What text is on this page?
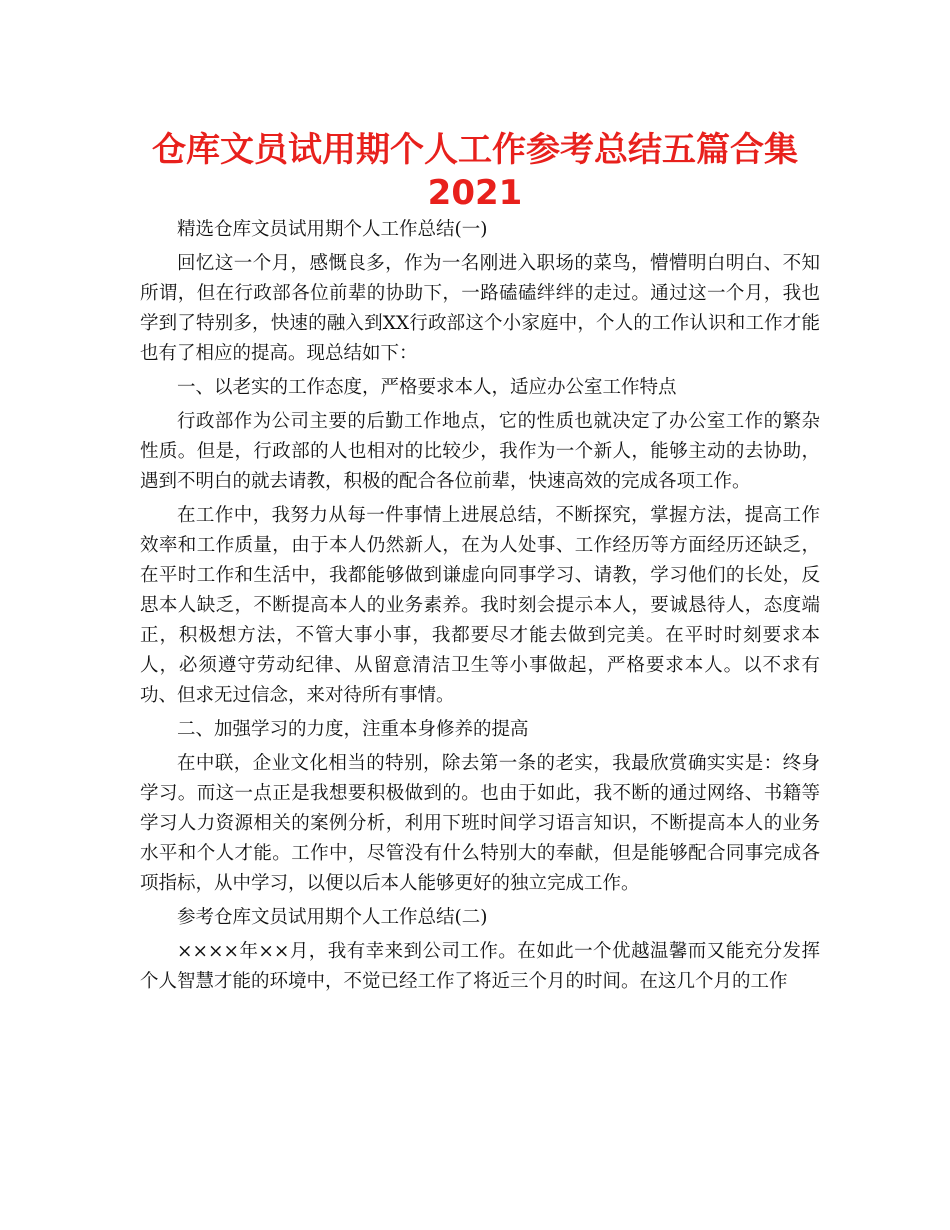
仓库文员试用期个人工作参考总结五篇合集
2021

精选仓库文员试用期个人工作总结(一)

回忆这一个月，感慨良多，作为一名刚进入职场的菜鸟，懵懵明白明白、不知所谓，但在行政部各位前辈的协助下，一路磕磕绊绊的走过。通过这一个月，我也学到了特别多，快速的融入到XX行政部这个小家庭中，个人的工作认识和工作才能也有了相应的提高。现总结如下：

一、以老实的工作态度，严格要求本人，适应办公室工作特点

行政部作为公司主要的后勤工作地点，它的性质也就决定了办公室工作的繁杂性质。但是，行政部的人也相对的比较少，我作为一个新人，能够主动的去协助，遇到不明白的就去请教，积极的配合各位前辈，快速高效的完成各项工作。

在工作中，我努力从每一件事情上进展总结，不断探究，掌握方法，提高工作效率和工作质量，由于本人仍然新人，在为人处事、工作经历等方面经历还缺乏，在平时工作和生活中，我都能够做到谦虚向同事学习、请教，学习他们的长处，反思本人缺乏，不断提高本人的业务素养。我时刻会提示本人，要诚恳待人，态度端正，积极想方法，不管大事小事，我都要尽才能去做到完美。在平时时刻要求本人，必须遵守劳动纪律、从留意清洁卫生等小事做起，严格要求本人。以不求有功、但求无过信念，来对待所有事情。

二、加强学习的力度，注重本身修养的提高

在中联，企业文化相当的特别，除去第一条的老实，我最欣赏确实实是：终身学习。而这一点正是我想要积极做到的。也由于如此，我不断的通过网络、书籍等学习人力资源相关的案例分析，利用下班时间学习语言知识，不断提高本人的业务水平和个人才能。工作中，尽管没有什么特别大的奉献，但是能够配合同事完成各项指标，从中学习，以便以后本人能够更好的独立完成工作。

参考仓库文员试用期个人工作总结(二)

××××年××月，我有幸来到公司工作。在如此一个优越温馨而又能充分发挥个人智慧才能的环境中，不觉已经工作了将近三个月的时间。在这几个月的工作
